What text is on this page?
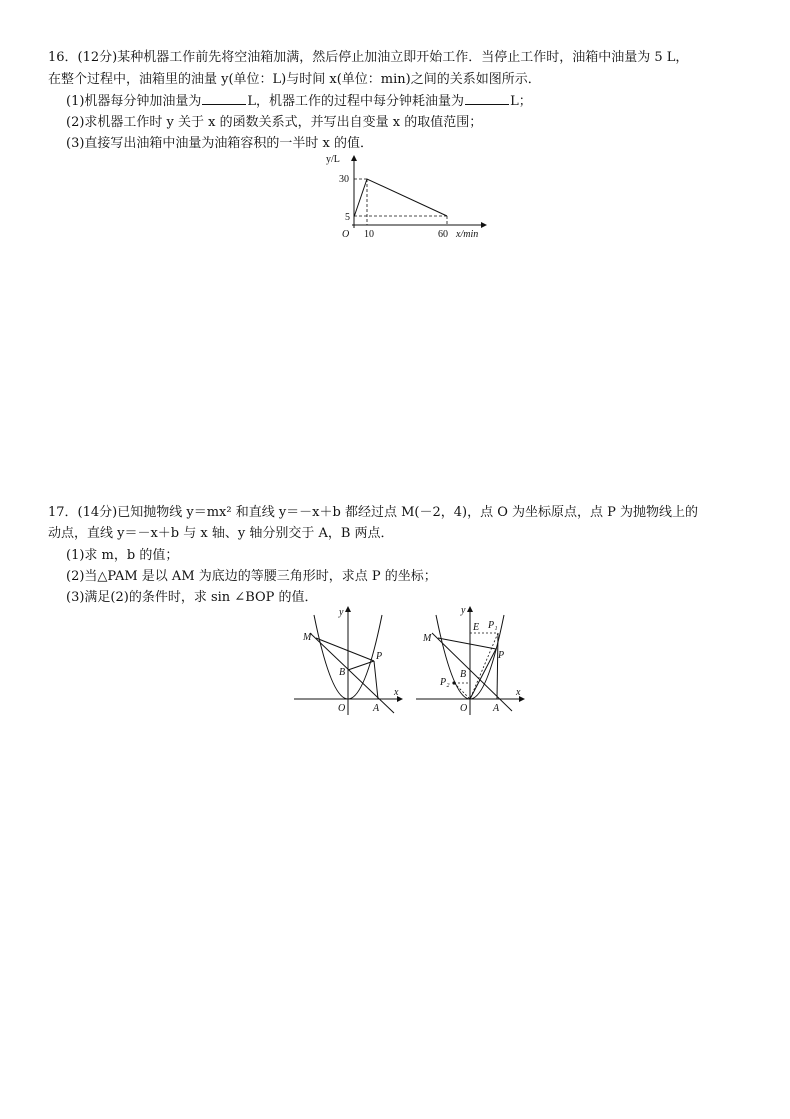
16．(12分)某种机器工作前先将空油箱加满，然后停止加油立即开始工作．当停止工作时，油箱中油量为 5 L，
在整个过程中，油箱里的油量 y(单位：L)与时间 x(单位：min)之间的关系如图所示．
(1)机器每分钟加油量为	L，机器工作的过程中每分钟耗油量为	L；
(2)求机器工作时 y 关于 x 的函数关系式，并写出自变量 x 的取值范围；
(3)直接写出油箱中油量为油箱容积的一半时 x 的值．
y/L
30
5
O 10	60 x/min
17．(14分)已知抛物线 y＝mx² 和直线 y＝－x＋b 都经过点 M(－2，4)，点 O 为坐标原点，点 P 为抛物线上的
动点，直线 y＝－x＋b 与 x 轴、y 轴分别交于 A，B 两点．
(1)求 m，b 的值；
(2)当△PAM 是以 AM 为底边的等腰三角形时，求点 P 的坐标；
(3)满足(2)的条件时，求 sin ∠BOP 的值．
y
M
P
B
x
O	A
y
E P₁
M
P
B
P₂
x
O	A
